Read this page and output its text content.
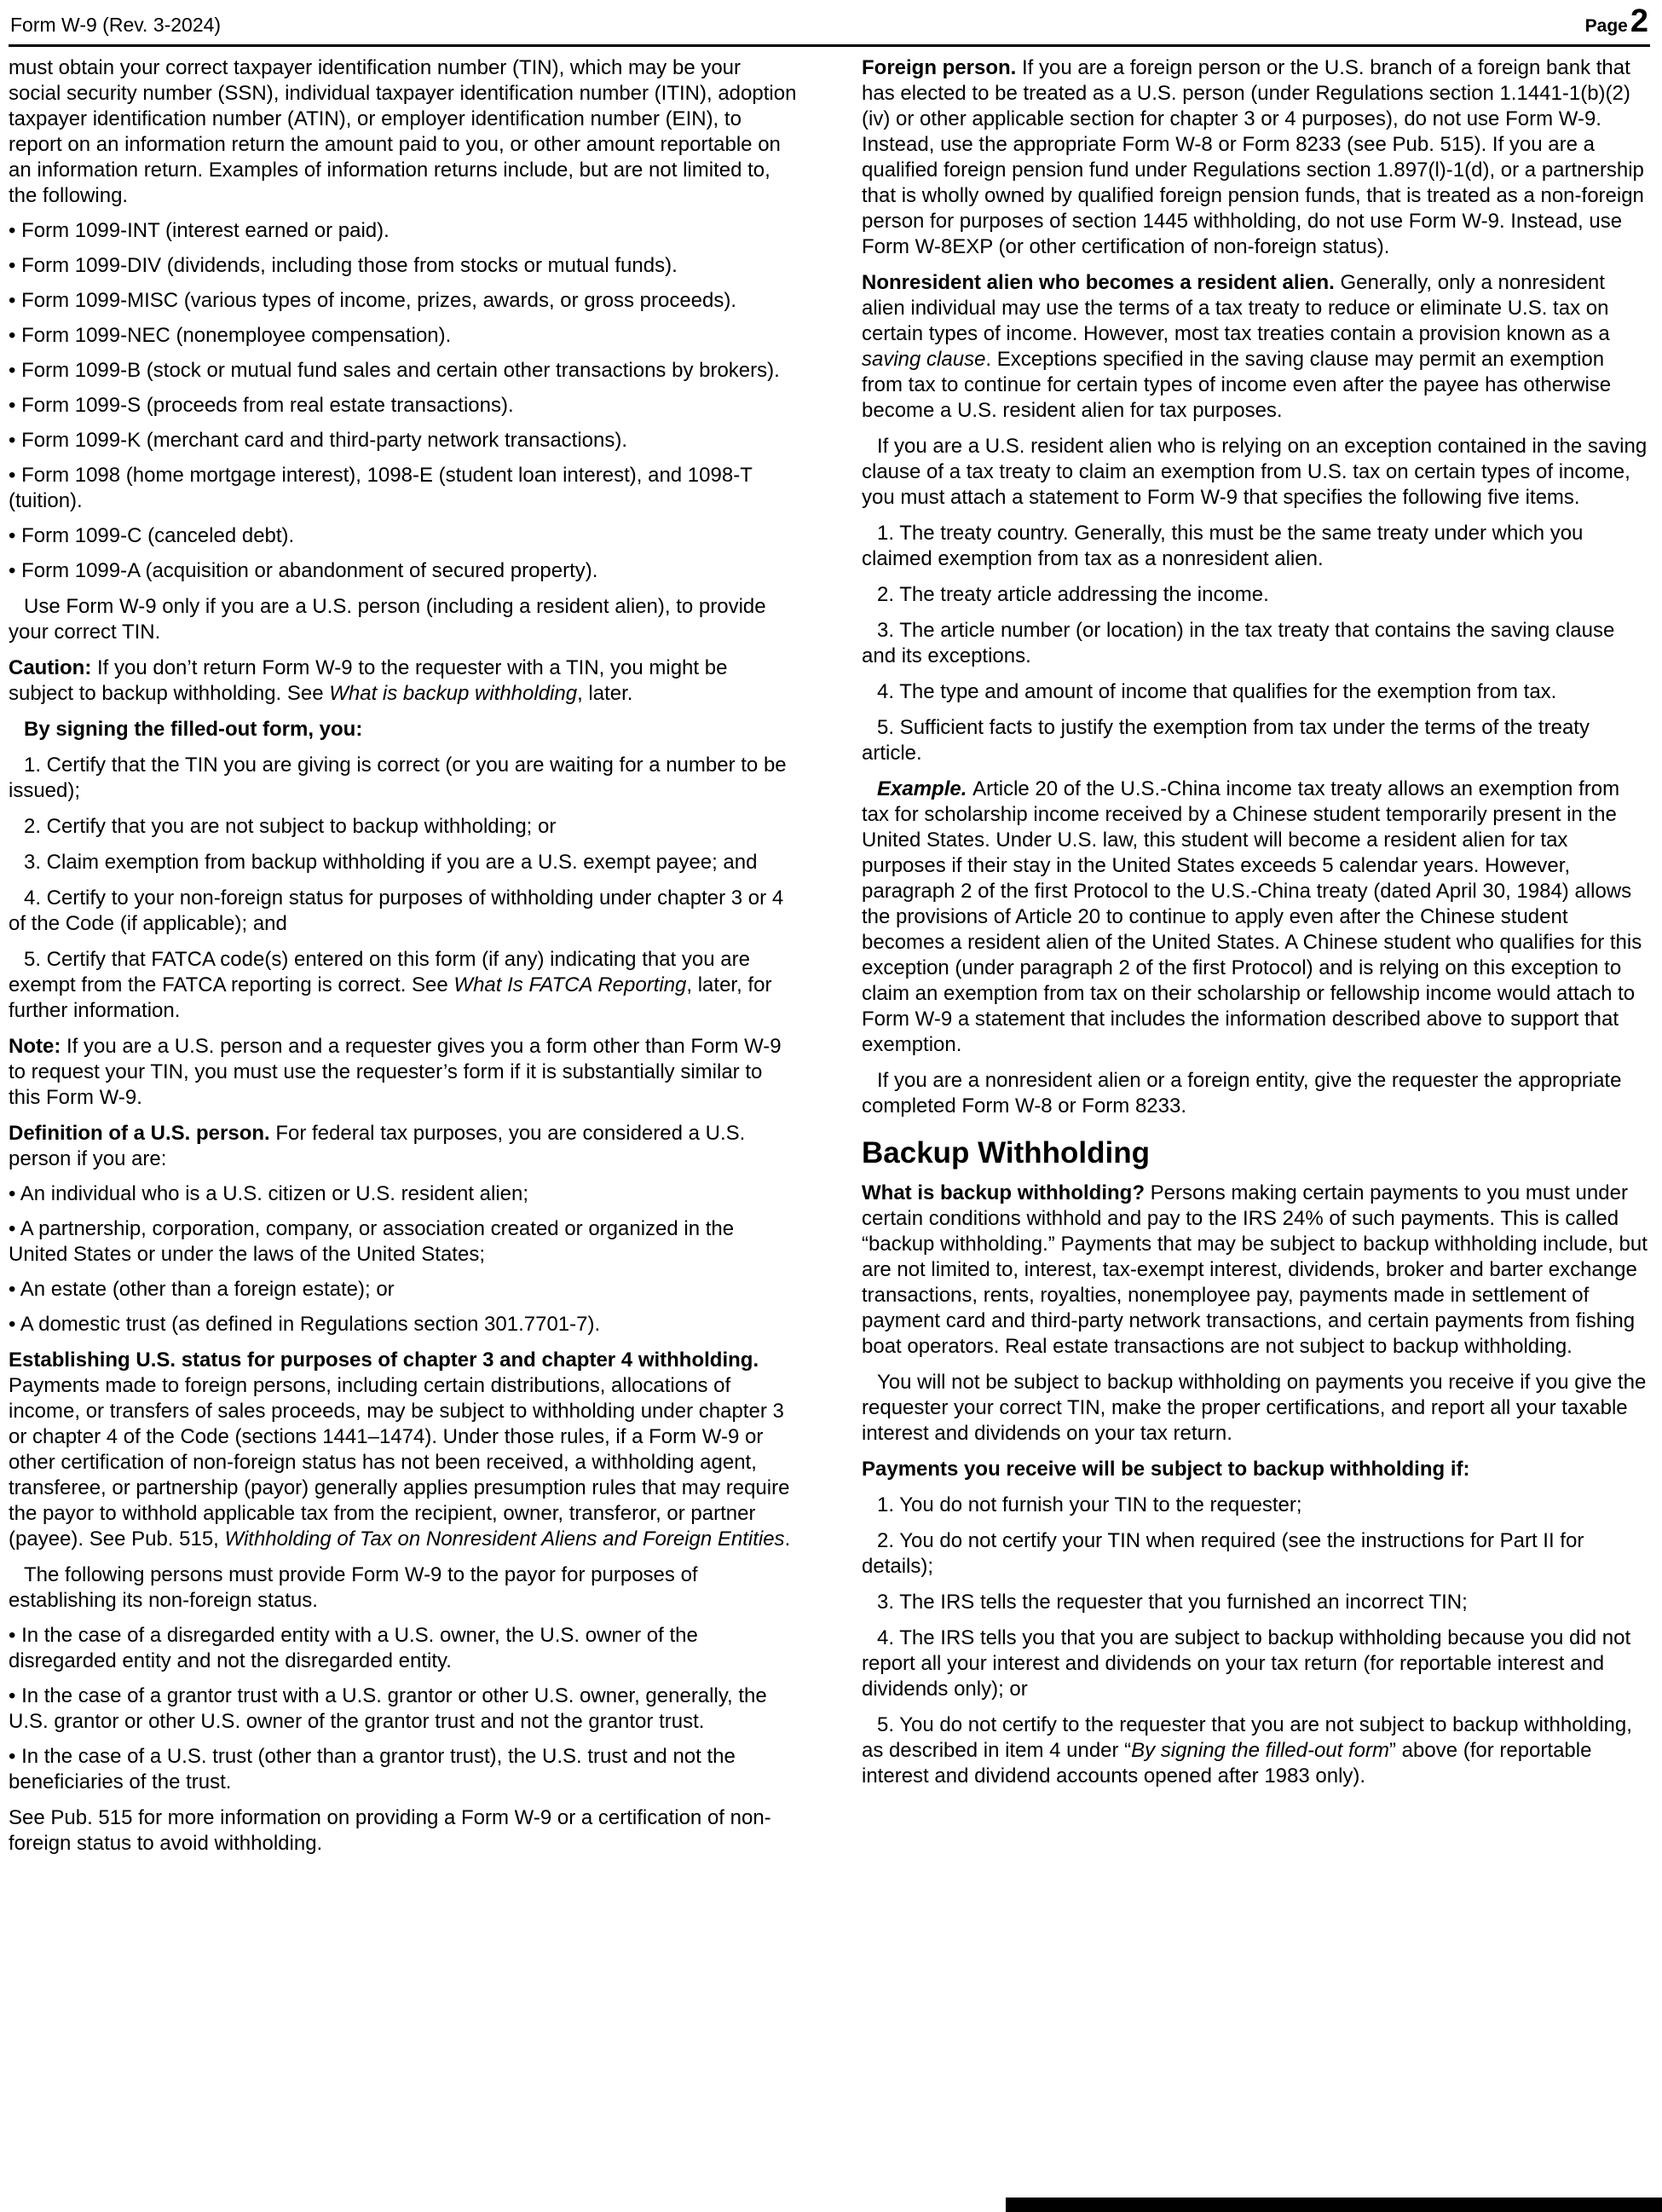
Form W-9 (Rev. 3-2024)	Page2

must obtain your correct taxpayer identification number (TIN), which may be your social security number (SSN), individual taxpayer identification number (ITIN), adoption taxpayer identification number (ATIN), or employer identification number (EIN), to report on an information return the amount paid to you, or other amount reportable on an information return. Examples of information returns include, but are not limited to, the following.

• Form 1099-INT (interest earned or paid).

• Form 1099-DIV (dividends, including those from stocks or mutual funds).

• Form 1099-MISC (various types of income, prizes, awards, or gross proceeds).

• Form 1099-NEC (nonemployee compensation).

• Form 1099-B (stock or mutual fund sales and certain other transactions by brokers).

• Form 1099-S (proceeds from real estate transactions).

• Form 1099-K (merchant card and third-party network transactions).

• Form 1098 (home mortgage interest), 1098-E (student loan interest), and 1098-T (tuition).

• Form 1099-C (canceled debt).

• Form 1099-A (acquisition or abandonment of secured property).

Use Form W-9 only if you are a U.S. person (including a resident alien), to provide your correct TIN.

Caution: If you don’t return Form W-9 to the requester with a TIN, you might be subject to backup withholding. See What is backup withholding, later.

By signing the filled-out form, you:

1. Certify that the TIN you are giving is correct (or you are waiting for a number to be issued);

2. Certify that you are not subject to backup withholding; or

3. Claim exemption from backup withholding if you are a U.S. exempt payee; and

4. Certify to your non-foreign status for purposes of withholding under chapter 3 or 4 of the Code (if applicable); and

5. Certify that FATCA code(s) entered on this form (if any) indicating that you are exempt from the FATCA reporting is correct. See What Is FATCA Reporting, later, for further information.

Note: If you are a U.S. person and a requester gives you a form other than Form W-9 to request your TIN, you must use the requester’s form if it is substantially similar to this Form W-9.

Definition of a U.S. person. For federal tax purposes, you are considered a U.S. person if you are:

• An individual who is a U.S. citizen or U.S. resident alien;

• A partnership, corporation, company, or association created or organized in the United States or under the laws of the United States;

• An estate (other than a foreign estate); or

• A domestic trust (as defined in Regulations section 301.7701-7).

Establishing U.S. status for purposes of chapter 3 and chapter 4 withholding. Payments made to foreign persons, including certain distributions, allocations of income, or transfers of sales proceeds, may be subject to withholding under chapter 3 or chapter 4 of the Code (sections 1441–1474). Under those rules, if a Form W-9 or other certification of non-foreign status has not been received, a withholding agent, transferee, or partnership (payor) generally applies presumption rules that may require the payor to withhold applicable tax from the recipient, owner, transferor, or partner (payee). See Pub. 515, Withholding of Tax on Nonresident Aliens and Foreign Entities.

The following persons must provide Form W-9 to the payor for purposes of establishing its non-foreign status.

• In the case of a disregarded entity with a U.S. owner, the U.S. owner of the disregarded entity and not the disregarded entity.

• In the case of a grantor trust with a U.S. grantor or other U.S. owner, generally, the U.S. grantor or other U.S. owner of the grantor trust and not the grantor trust.

• In the case of a U.S. trust (other than a grantor trust), the U.S. trust and not the beneficiaries of the trust.

See Pub. 515 for more information on providing a Form W-9 or a certification of non-foreign status to avoid withholding.

Foreign person. If you are a foreign person or the U.S. branch of a foreign bank that has elected to be treated as a U.S. person (under Regulations section 1.1441-1(b)(2)(iv) or other applicable section for chapter 3 or 4 purposes), do not use Form W-9. Instead, use the appropriate Form W-8 or Form 8233 (see Pub. 515). If you are a qualified foreign pension fund under Regulations section 1.897(l)-1(d), or a partnership that is wholly owned by qualified foreign pension funds, that is treated as a non-foreign person for purposes of section 1445 withholding, do not use Form W-9. Instead, use Form W-8EXP (or other certification of non-foreign status).

Nonresident alien who becomes a resident alien. Generally, only a nonresident alien individual may use the terms of a tax treaty to reduce or eliminate U.S. tax on certain types of income. However, most tax treaties contain a provision known as a saving clause. Exceptions specified in the saving clause may permit an exemption from tax to continue for certain types of income even after the payee has otherwise become a U.S. resident alien for tax purposes.

If you are a U.S. resident alien who is relying on an exception contained in the saving clause of a tax treaty to claim an exemption from U.S. tax on certain types of income, you must attach a statement to Form W-9 that specifies the following five items.

1. The treaty country. Generally, this must be the same treaty under which you claimed exemption from tax as a nonresident alien.

2. The treaty article addressing the income.

3. The article number (or location) in the tax treaty that contains the saving clause and its exceptions.

4. The type and amount of income that qualifies for the exemption from tax.

5. Sufficient facts to justify the exemption from tax under the terms of the treaty article.

Example. Article 20 of the U.S.-China income tax treaty allows an exemption from tax for scholarship income received by a Chinese student temporarily present in the United States. Under U.S. law, this student will become a resident alien for tax purposes if their stay in the United States exceeds 5 calendar years. However, paragraph 2 of the first Protocol to the U.S.-China treaty (dated April 30, 1984) allows the provisions of Article 20 to continue to apply even after the Chinese student becomes a resident alien of the United States. A Chinese student who qualifies for this exception (under paragraph 2 of the first Protocol) and is relying on this exception to claim an exemption from tax on their scholarship or fellowship income would attach to Form W-9 a statement that includes the information described above to support that exemption.

If you are a nonresident alien or a foreign entity, give the requester the appropriate completed Form W-8 or Form 8233.

Backup Withholding

What is backup withholding? Persons making certain payments to you must under certain conditions withhold and pay to the IRS 24% of such payments. This is called “backup withholding.” Payments that may be subject to backup withholding include, but are not limited to, interest, tax-exempt interest, dividends, broker and barter exchange transactions, rents, royalties, nonemployee pay, payments made in settlement of payment card and third-party network transactions, and certain payments from fishing boat operators. Real estate transactions are not subject to backup withholding.

You will not be subject to backup withholding on payments you receive if you give the requester your correct TIN, make the proper certifications, and report all your taxable interest and dividends on your tax return.

Payments you receive will be subject to backup withholding if:

1. You do not furnish your TIN to the requester;

2. You do not certify your TIN when required (see the instructions for Part II for details);

3. The IRS tells the requester that you furnished an incorrect TIN;

4. The IRS tells you that you are subject to backup withholding because you did not report all your interest and dividends on your tax return (for reportable interest and dividends only); or

5. You do not certify to the requester that you are not subject to backup withholding, as described in item 4 under “By signing the filled-out form” above (for reportable interest and dividend accounts opened after 1983 only).
